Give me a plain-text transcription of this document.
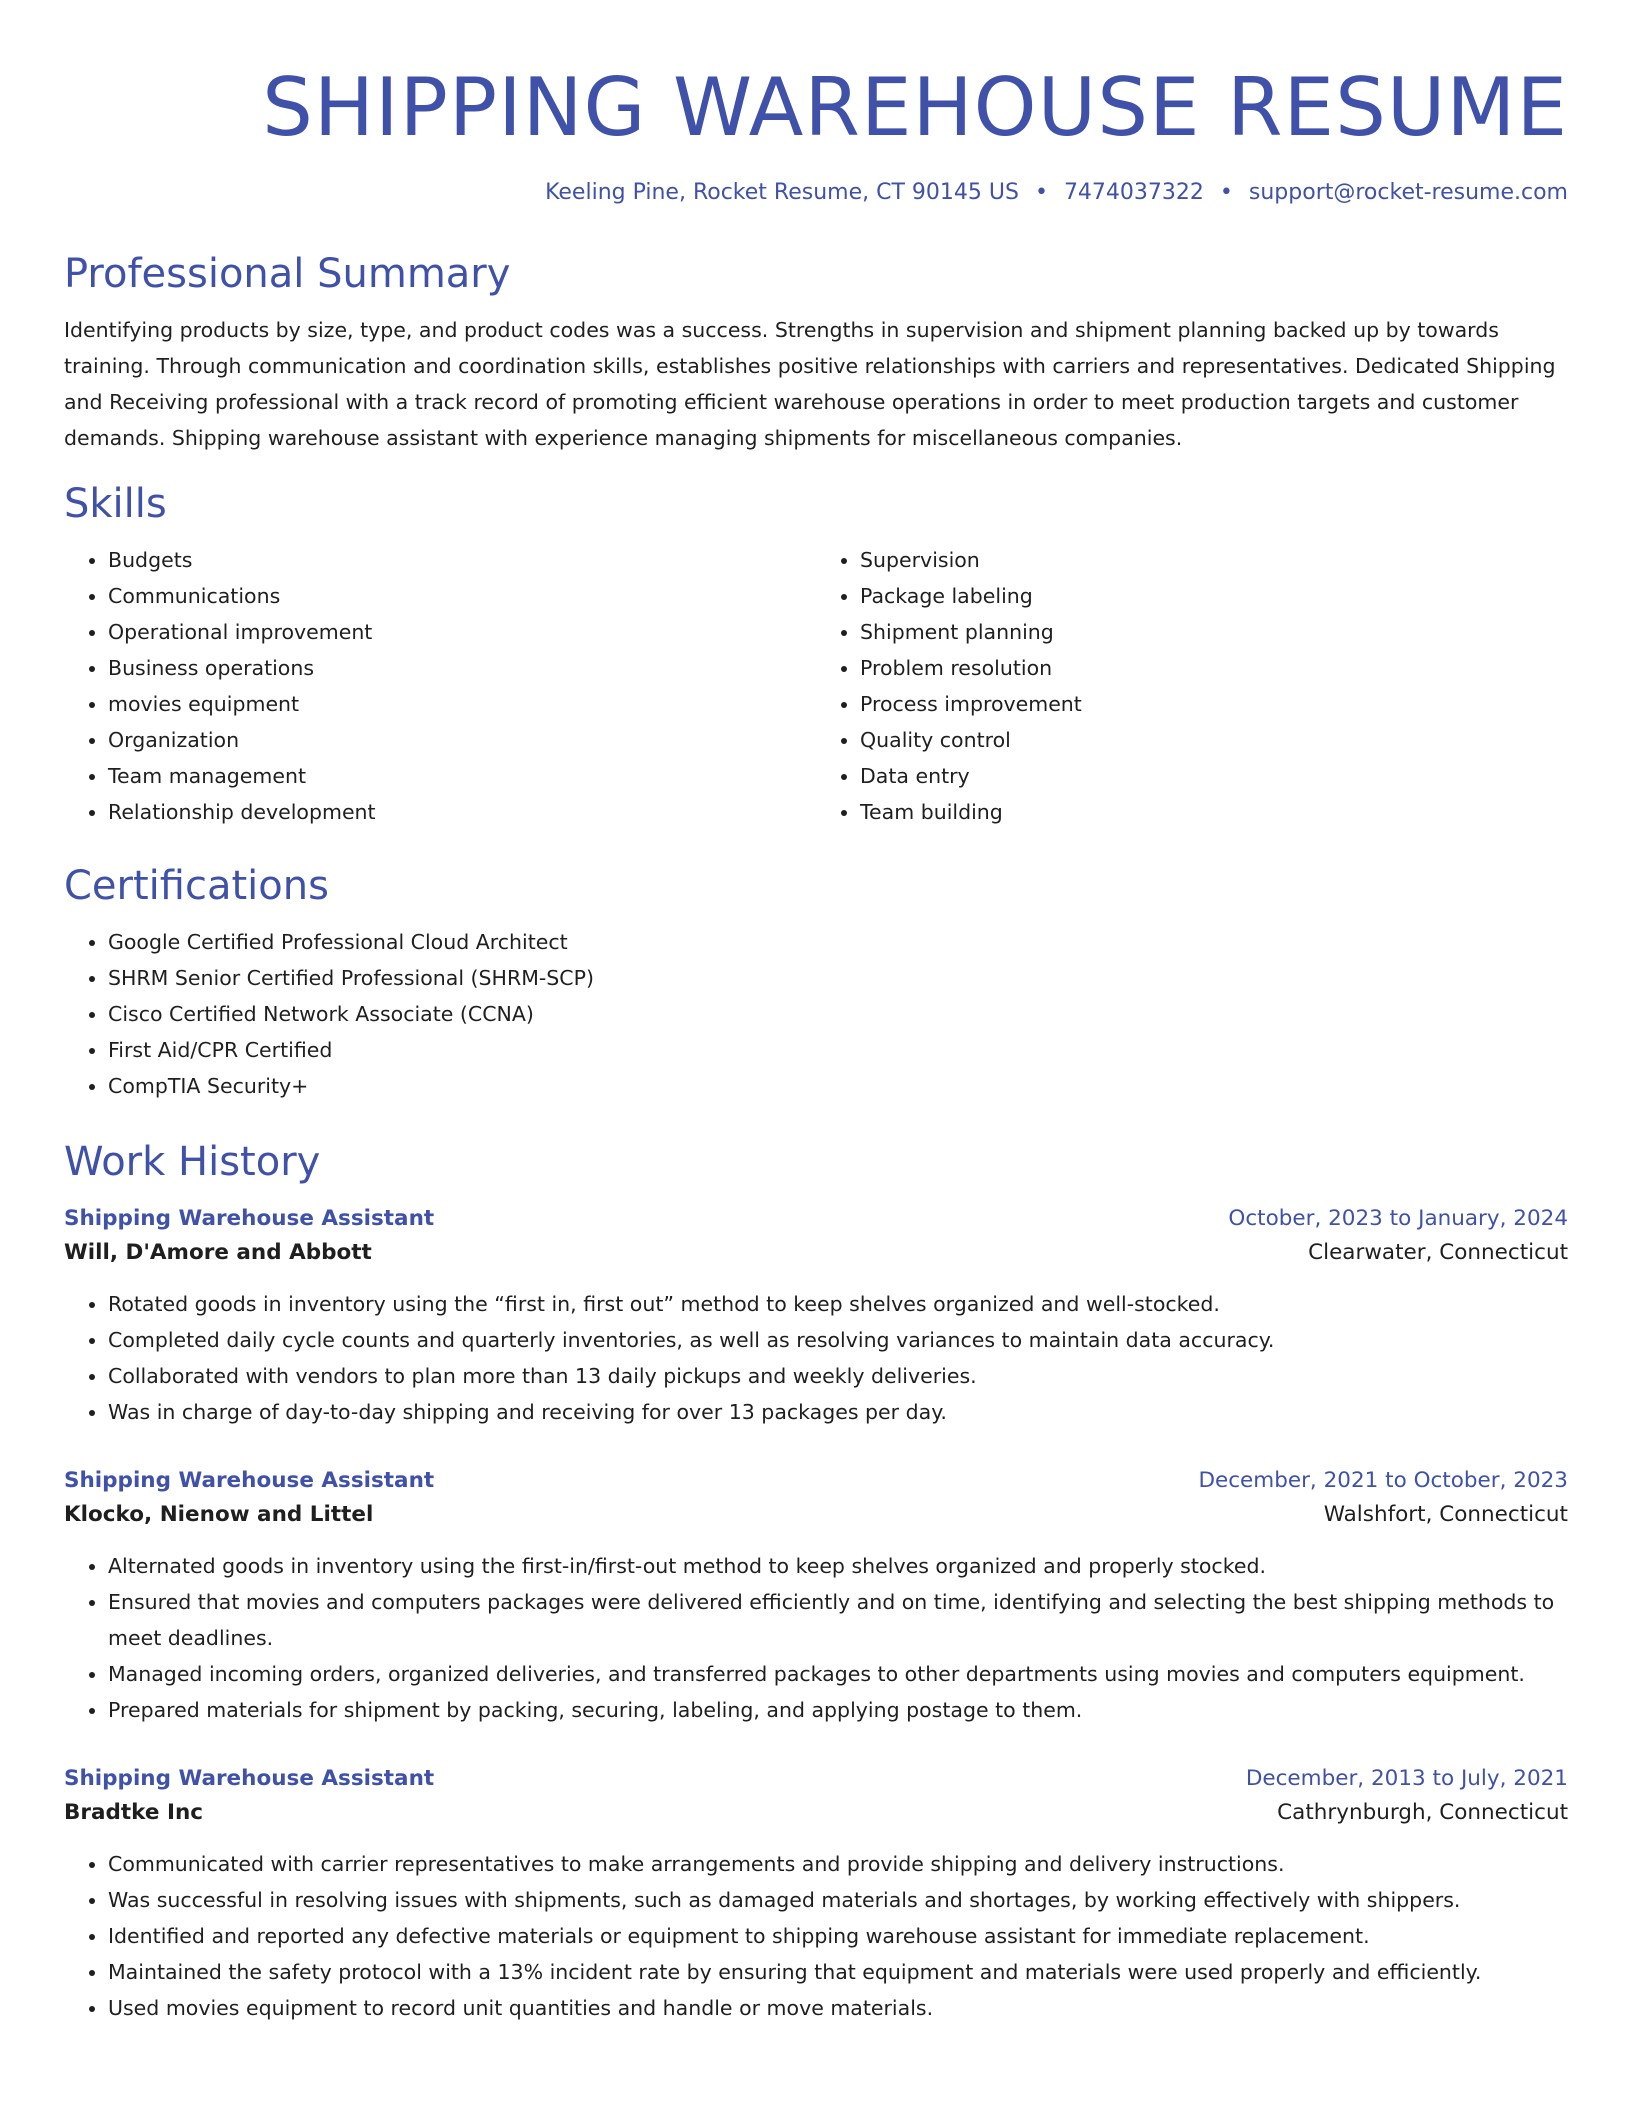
SHIPPING WAREHOUSE RESUME

Keeling Pine, Rocket Resume, CT 90145 US • 7474037322 • support@rocket-resume.com

Professional Summary

Identifying products by size, type, and product codes was a success. Strengths in supervision and shipment planning backed up by towards training. Through communication and coordination skills, establishes positive relationships with carriers and representatives. Dedicated Shipping and Receiving professional with a track record of promoting efficient warehouse operations in order to meet production targets and customer demands. Shipping warehouse assistant with experience managing shipments for miscellaneous companies.

Skills
• Budgets
• Communications
• Operational improvement
• Business operations
• movies equipment
• Organization
• Team management
• Relationship development
• Supervision
• Package labeling
• Shipment planning
• Problem resolution
• Process improvement
• Quality control
• Data entry
• Team building
Certifications
• Google Certified Professional Cloud Architect
• SHRM Senior Certified Professional (SHRM-SCP)
• Cisco Certified Network Associate (CCNA)
• First Aid/CPR Certified
• CompTIA Security+
Work History
Shipping Warehouse Assistant	October, 2023 to January, 2024
Will, D'Amore and Abbott	Clearwater, Connecticut
• Rotated goods in inventory using the “first in, first out” method to keep shelves organized and well-stocked.
• Completed daily cycle counts and quarterly inventories, as well as resolving variances to maintain data accuracy.
• Collaborated with vendors to plan more than 13 daily pickups and weekly deliveries.
• Was in charge of day-to-day shipping and receiving for over 13 packages per day.
Shipping Warehouse Assistant	December, 2021 to October, 2023
Klocko, Nienow and Littel	Walshfort, Connecticut
• Alternated goods in inventory using the first-in/first-out method to keep shelves organized and properly stocked.
• Ensured that movies and computers packages were delivered efficiently and on time, identifying and selecting the best shipping methods to meet deadlines.
• Managed incoming orders, organized deliveries, and transferred packages to other departments using movies and computers equipment.
• Prepared materials for shipment by packing, securing, labeling, and applying postage to them.
Shipping Warehouse Assistant	December, 2013 to July, 2021
Bradtke Inc	Cathrynburgh, Connecticut
• Communicated with carrier representatives to make arrangements and provide shipping and delivery instructions.
• Was successful in resolving issues with shipments, such as damaged materials and shortages, by working effectively with shippers.
• Identified and reported any defective materials or equipment to shipping warehouse assistant for immediate replacement.
• Maintained the safety protocol with a 13% incident rate by ensuring that equipment and materials were used properly and efficiently.
• Used movies equipment to record unit quantities and handle or move materials.
